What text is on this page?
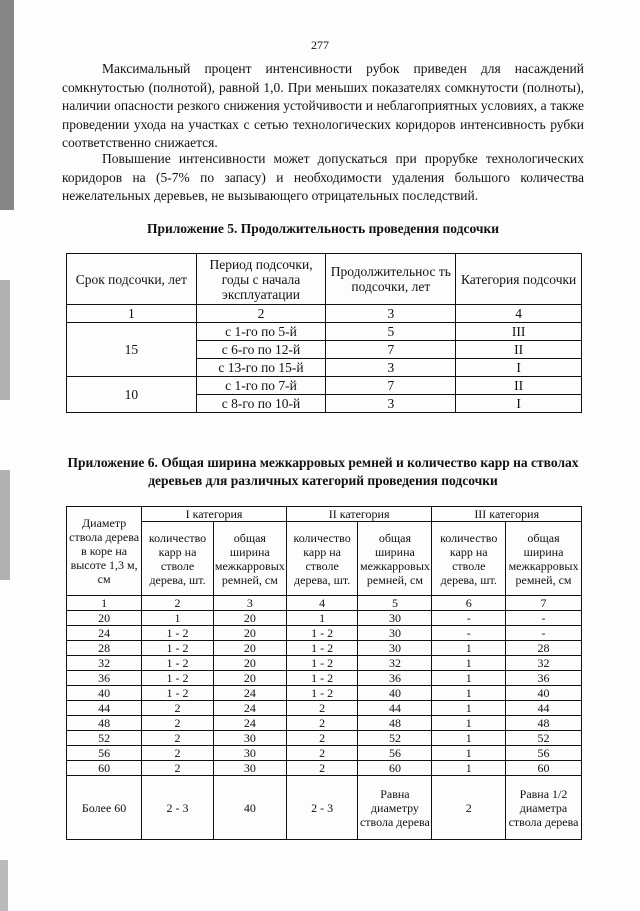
277

Максимальный процент интенсивности рубок приведен для насаждений сомкнутостью (полнотой), равной 1,0. При меньших показателях сомкнутости (полноты), наличии опасности резкого снижения устойчивости и неблагоприятных условиях, а также проведении ухода на участках с сетью технологических коридоров интенсивность рубки соответственно снижается.

Повышение интенсивности может допускаться при прорубке технологических коридоров на (5-7% по запасу) и необходимости удаления большого количества нежелательных деревьев, не вызывающего отрицательных последствий.

Приложение 5. Продолжительность проведения подсочки

Срок подсочки, лет	Период подсочки, годы с начала эксплуатации	Продолжительнос ть подсочки, лет	Категория подсочки
1	2	3	4
15	с 1-го по 5-й	5	III
	с 6-го по 12-й	7	II
	с 13-го по 15-й	3	I
10	с 1-го по 7-й	7	II
	с 8-го по 10-й	3	I

Приложение 6. Общая ширина межкарровых ремней и количество карр на стволах деревьев для различных категорий проведения подсочки

Диаметр ствола дерева в коре на высоте 1,3 м, см	I категория		II категория		III категория	
	количество карр на стволе дерева, шт.	общая ширина межкарровых ремней, см	количество карр на стволе дерева, шт.	общая ширина межкарровых ремней, см	количество карр на стволе дерева, шт.	общая ширина межкарровых ремней, см
1	2	3	4	5	6	7
20	1	20	1	30	-	-
24	1 - 2	20	1 - 2	30	-	-
28	1 - 2	20	1 - 2	30	1	28
32	1 - 2	20	1 - 2	32	1	32
36	1 - 2	20	1 - 2	36	1	36
40	1 - 2	24	1 - 2	40	1	40
44	2	24	2	44	1	44
48	2	24	2	48	1	48
52	2	30	2	52	1	52
56	2	30	2	56	1	56
60	2	30	2	60	1	60
Более 60	2 - 3	40	2 - 3	Равна диаметру ствола дерева	2	Равна 1/2 диаметра ствола дерева
